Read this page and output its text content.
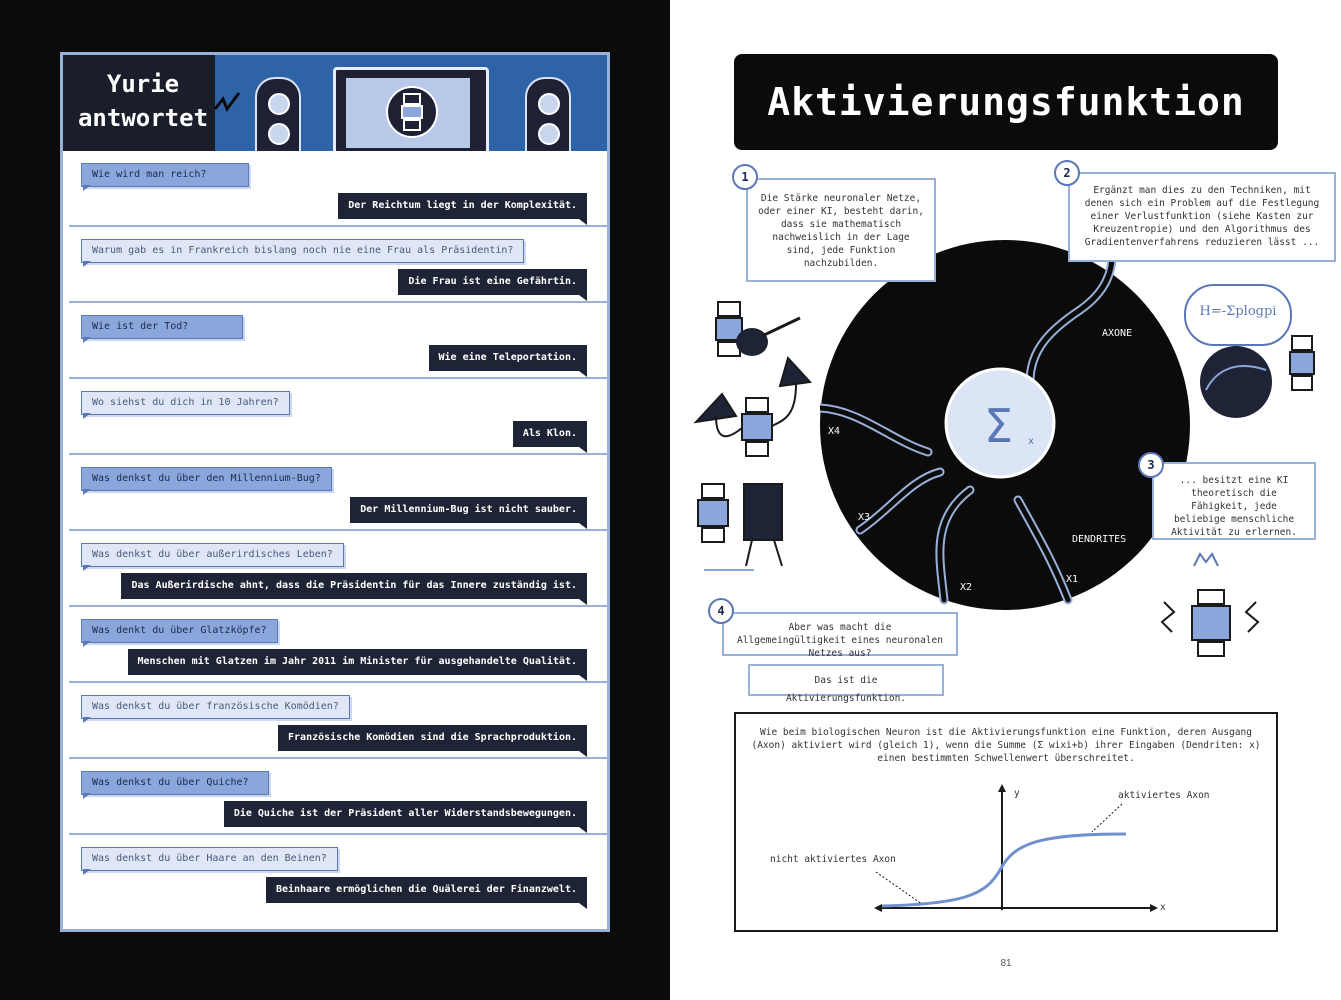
Yurie
antwortet
Wie wird man reich?
Der Reichtum liegt in der Komplexität.
Warum gab es in Frankreich bislang noch nie eine Frau als Präsidentin?
Die Frau ist eine Gefährtin.
Wie ist der Tod?
Wie eine Teleportation.
Wo siehst du dich in 10 Jahren?
Als Klon.
Was denkst du über den Millennium-Bug?
Der Millennium-Bug ist nicht sauber.
Was denkst du über außerirdisches Leben?
Das Außerirdische ahnt, dass die Präsidentin für das Innere zuständig ist.
Was denkt du über Glatzköpfe?
Menschen mit Glatzen im Jahr 2011 im Minister für ausgehandelte Qualität.
Was denkst du über französische Komödien?
Französische Komödien sind die Sprachproduktion.
Was denkst du über Quiche?
Die Quiche ist der Präsident aller Widerstandsbewegungen.
Was denkst du über Haare an den Beinen?
Beinhaare ermöglichen die Quälerei der Finanzwelt.
Aktivierungsfunktion
Σ x
AXONE
DENDRITES
X4
X3
X2
X1
Die Stärke neuronaler Netze, oder einer KI, besteht darin, dass sie mathematisch nachweislich in der Lage sind, jede Funktion nachzubilden.
1
Ergänzt man dies zu den Techniken, mit denen sich ein Problem auf die Festlegung einer Verlustfunktion (siehe Kasten zur Kreuzentropie) und den Algorithmus des Gradientenverfahrens reduzieren lässt ...
2
... besitzt eine KI theoretisch die Fähigkeit, jede beliebige menschliche Aktivität zu erlernen.
3
Aber was macht die Allgemeingültigkeit eines neuronalen Netzes aus?
4
Das ist die Aktivierungsfunktion.
H=-Σplogpi
Wie beim biologischen Neuron ist die Aktivierungsfunktion eine Funktion, deren Ausgang (Axon) aktiviert wird (gleich 1), wenn die Summe (Σ wixi+b) ihrer Eingaben (Dendriten: x) einen bestimmten Schwellenwert überschreitet.
y
x
aktiviertes Axon
nicht aktiviertes Axon
81
